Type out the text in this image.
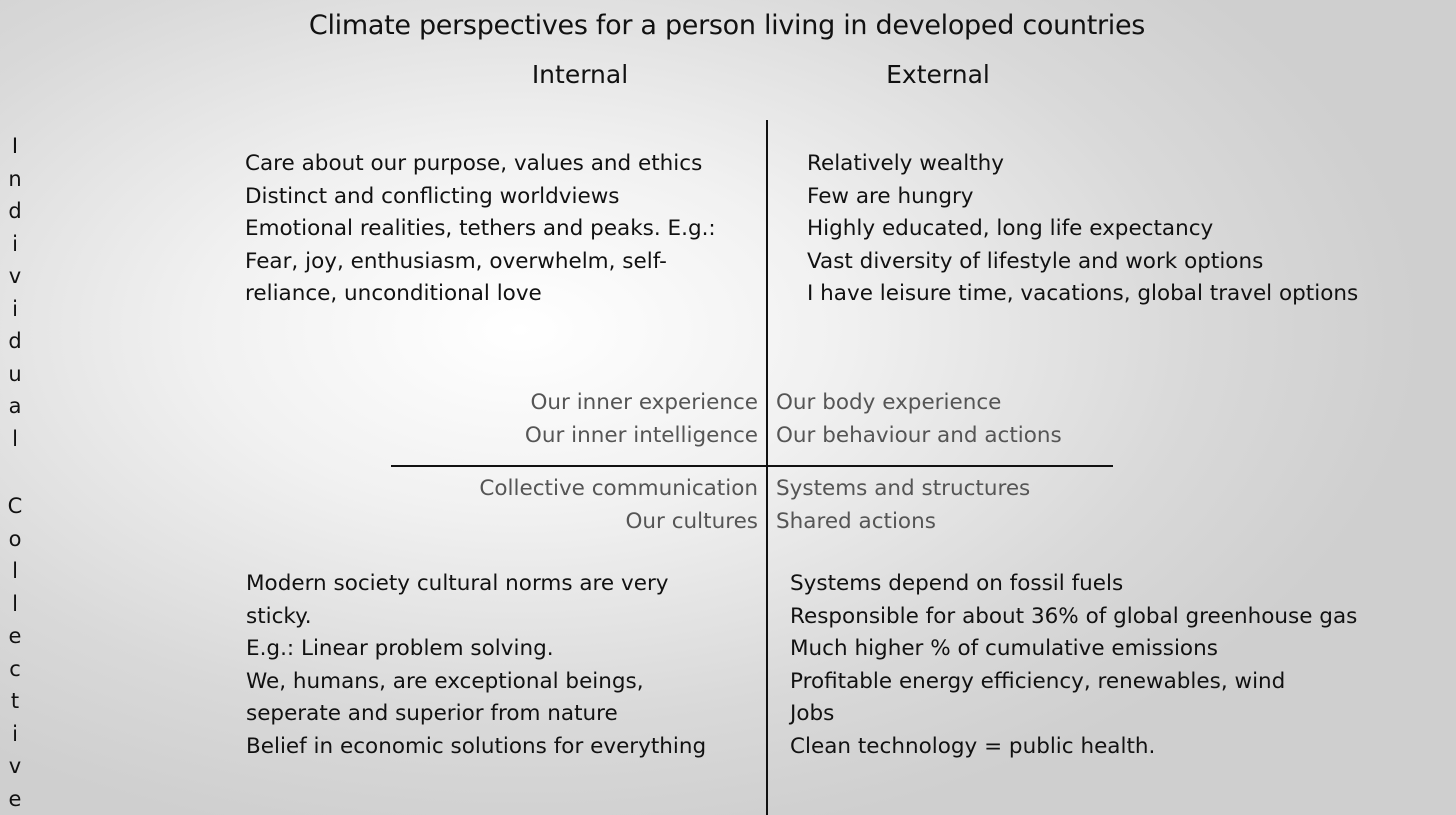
Climate perspectives for a person living in developed countries
Internal	External
I
n
d
i
v
i
d
u
a
l
C
o
l
l
e
c
t
i
v
e
Care about our purpose, values and ethics
Distinct and conflicting worldviews
Emotional realities, tethers and peaks. E.g.:
Fear, joy, enthusiasm, overwhelm, self-
reliance, unconditional love
Relatively wealthy
Few are hungry
Highly educated, long life expectancy
Vast diversity of lifestyle and work options
I have leisure time, vacations, global travel options
Our inner experience
Our inner intelligence
Our body experience
Our behaviour and actions
Collective communication
Our cultures
Systems and structures
Shared actions
Modern society cultural norms are very
sticky.
E.g.: Linear problem solving.
We, humans, are exceptional beings,
seperate and superior from nature
Belief in economic solutions for everything
Systems depend on fossil fuels
Responsible for about 36% of global greenhouse gas
Much higher % of cumulative emissions
Profitable energy efficiency, renewables, wind
Jobs
Clean technology = public health.
